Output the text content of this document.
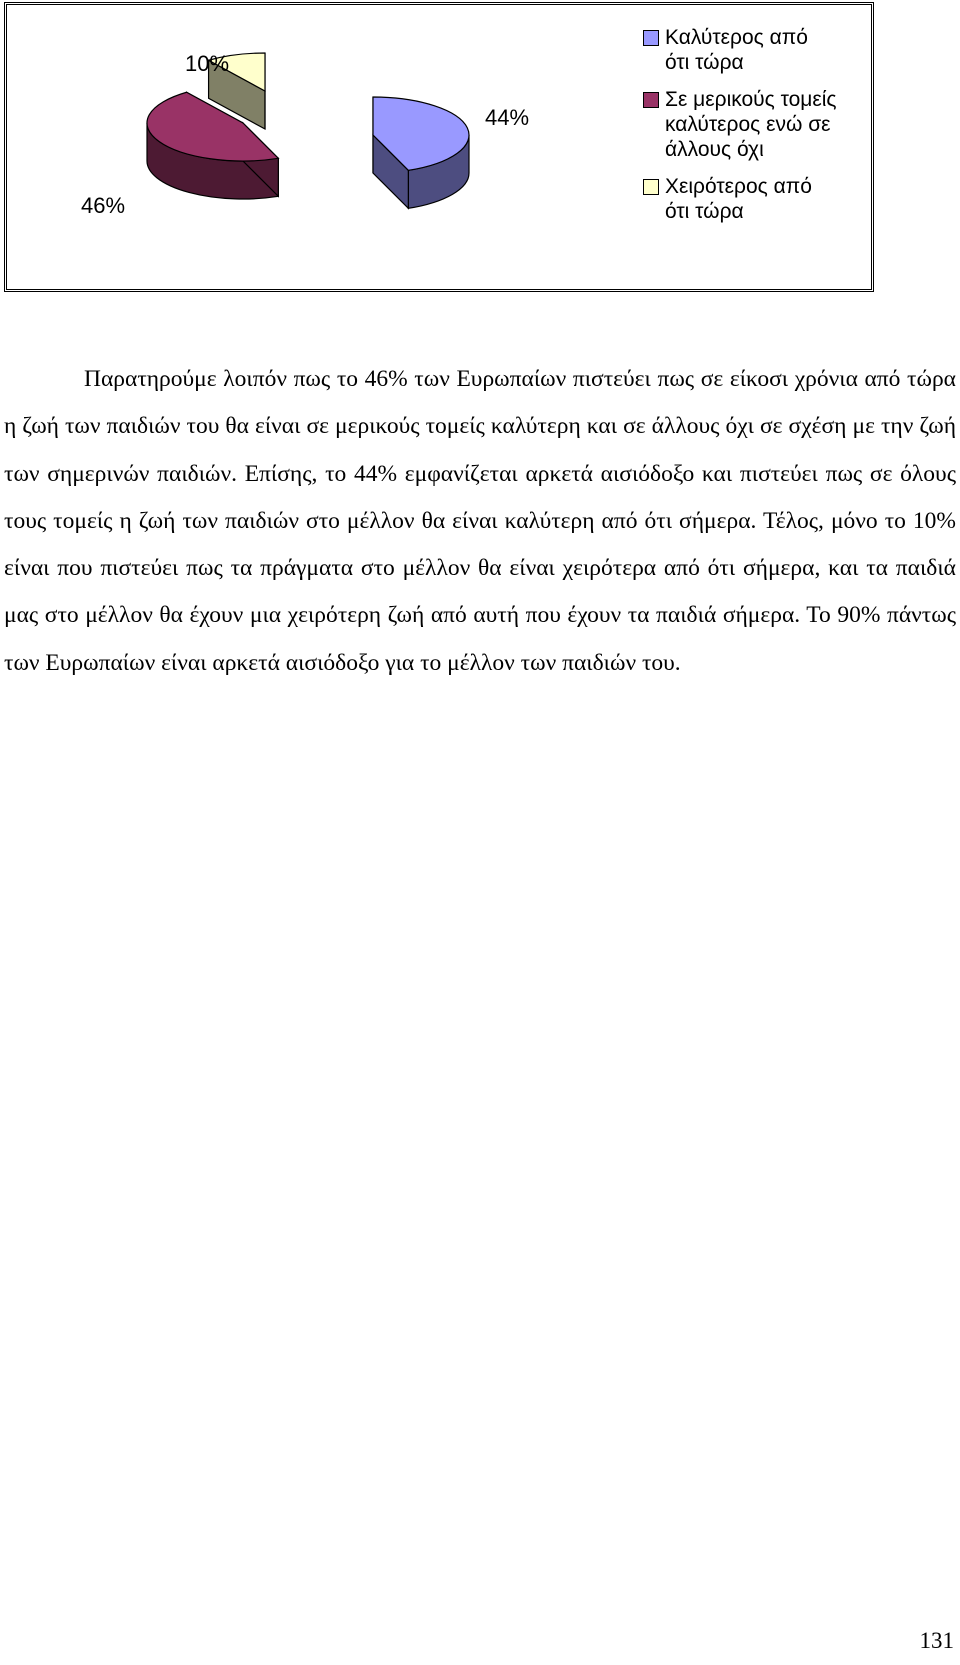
44%
46%
10%
Καλύτερος από
ότι τώρα
Σε μερικούς τομείς
καλύτερος ενώ σε
άλλους όχι
Χειρότερος από
ότι τώρα

Παρατηρούμε λοιπόν πως το 46% των Ευρωπαίων πιστεύει πως σε είκοσι χρόνια από τώρα η ζωή των παιδιών του θα είναι σε μερικούς τομείς καλύτερη και σε άλλους όχι σε σχέση με την ζωή των σημερινών παιδιών. Επίσης, το 44% εμφανίζεται αρκετά αισιόδοξο και πιστεύει πως σε όλους τους τομείς η ζωή των παιδιών στο μέλλον θα είναι καλύτερη από ότι σήμερα. Τέλος, μόνο το 10% είναι που πιστεύει πως τα πράγματα στο μέλλον θα είναι χειρότερα από ότι σήμερα, και τα παιδιά μας στο μέλλον θα έχουν μια χειρότερη ζωή από αυτή που έχουν τα παιδιά σήμερα. Το 90% πάντως των Ευρωπαίων είναι αρκετά αισιόδοξο για το μέλλον των παιδιών του.

131
